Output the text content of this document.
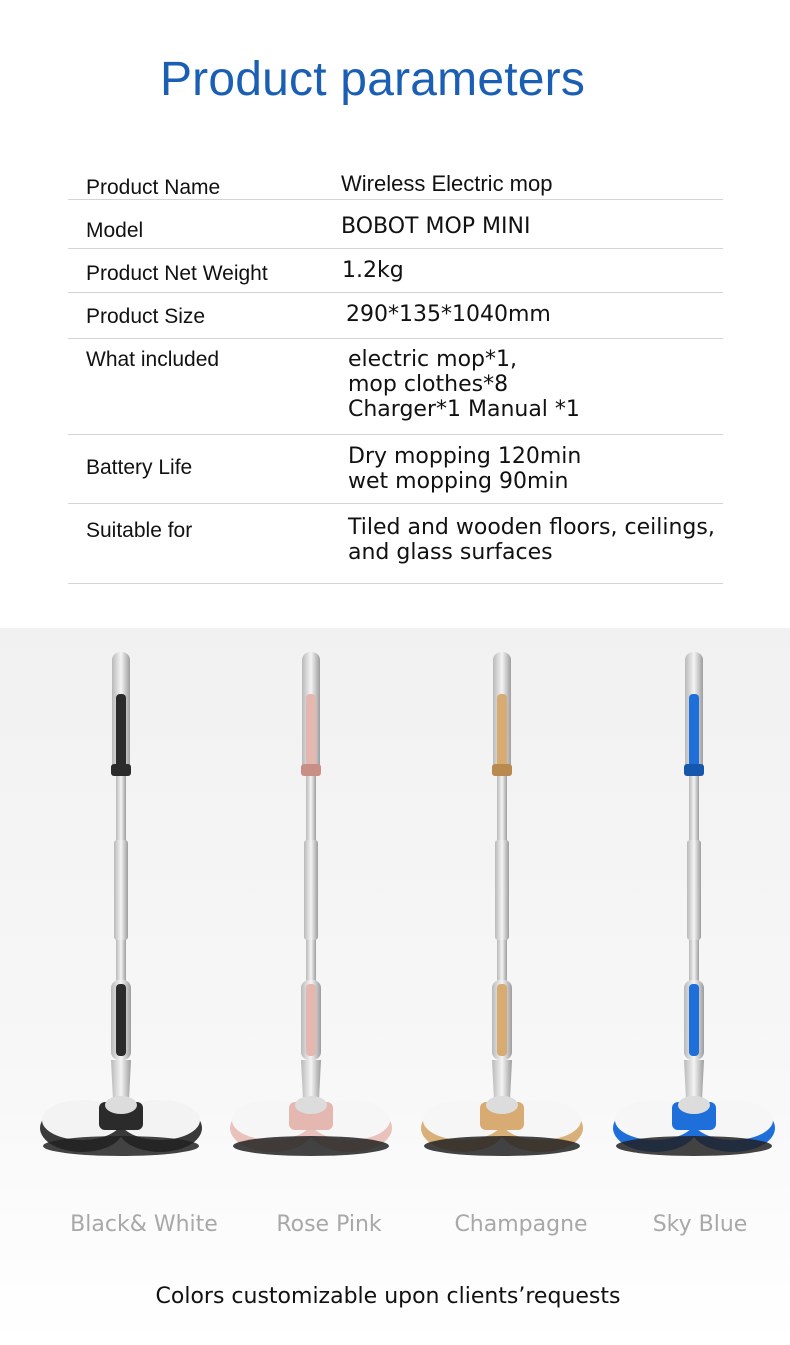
Product parameters
Product Name	Wireless Electric mop
Model	BOBOT MOP MINI
Product Net Weight	1.2kg
Product Size	290*135*1040mm
What included	electric mop*1,
mop clothes*8
Charger*1 Manual *1
Battery Life	Dry mopping 120min
wet mopping 90min
Suitable for	Tiled and wooden floors, ceilings,
and glass surfaces
Black& White	Rose Pink	Champagne	Sky Blue
Colors customizable upon clients’requests
